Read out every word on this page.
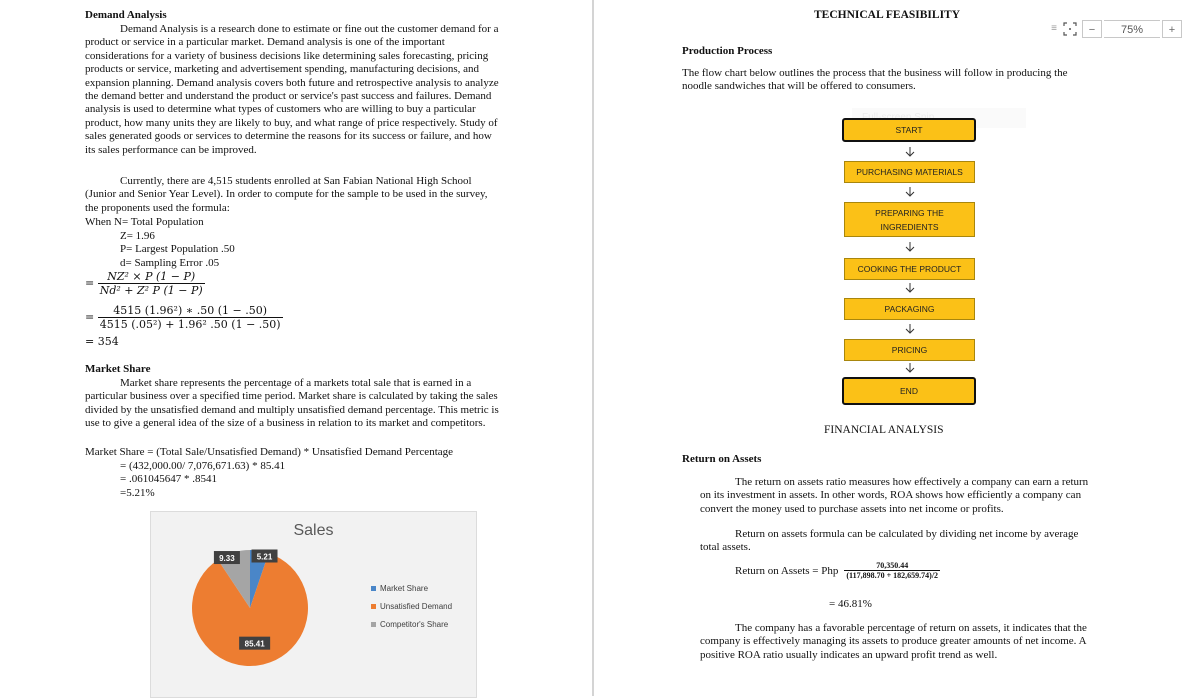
Demand Analysis

Demand Analysis is a research done to estimate or fine out the customer demand for a product or service in a particular market. Demand analysis is one of the important considerations for a variety of business decisions like determining sales forecasting, pricing products or service, marketing and advertisement spending, manufacturing decisions, and expansion planning. Demand analysis covers both future and retrospective analysis to analyze the demand better and understand the product or service's past success and failures. Demand analysis is used to determine what types of customers who are willing to buy a particular product, how many units they are likely to buy, and what range of price respectively. Study of sales generated goods or services to determine the reasons for its success or failure, and how its sales performance can be improved.

Currently, there are 4,515 students enrolled at San Fabian National High School (Junior and Senior Year Level). In order to compute for the sample to be used in the survey, the proponents used the formula:

When N= Total Population
Z= 1.96
P= Largest Population .50
d= Sampling Error .05
= $\frac{\text{NZ² × P (1 − P)}}{\text{Nd² + Z² P (1 − P)}}$
= $\frac{\text{4515 (1.96²) ∗ .50 (1 − .50)}}{\text{4515 (.05²) + 1.96² .50 (1 − .50)}}$
= 354
Market Share

Market share represents the percentage of a markets total sale that is earned in a particular business over a specified time period. Market share is calculated by taking the sales divided by the unsatisfied demand and multiply unsatisfied demand percentage. This metric is use to give a general idea of the size of a business in relation to its market and competitors.

Market Share = (Total Sale/Unsatisfied Demand) * Unsatisfied Demand Percentage
= (432,000.00/ 7,076,671.63) * 85.41
= .061045647 * .8541
=5.21%
Sales
5.21
85.41
9.33
Market Share
Unsatisfied Demand
Competitor's Share
TECHNICAL FEASIBILITY
Production Process

The flow chart below outlines the process that the business will follow in producing the noodle sandwiches that will be offered to consumers.

START
PURCHASING MATERIALS
PREPARING THE INGREDIENTS
COOKING THE PRODUCT
PACKAGING
PRICING
END
FINANCIAL ANALYSIS
Return on Assets

The return on assets ratio measures how effectively a company can earn a return on its investment in assets. In other words, ROA shows how efficiently a company can convert the money used to purchase assets into net income or profits.

Return on assets formula can be calculated by dividing net income by average total assets.

Return on Assets = Php $\frac{70,350.44}{(117,898.70 + 182,659.74)/2}$
= 46.81%

The company has a favorable percentage of return on assets, it indicates that the company is effectively managing its assets to produce greater amounts of net income. A positive ROA ratio usually indicates an upward profit trend as well.

≡	−	75%	+
